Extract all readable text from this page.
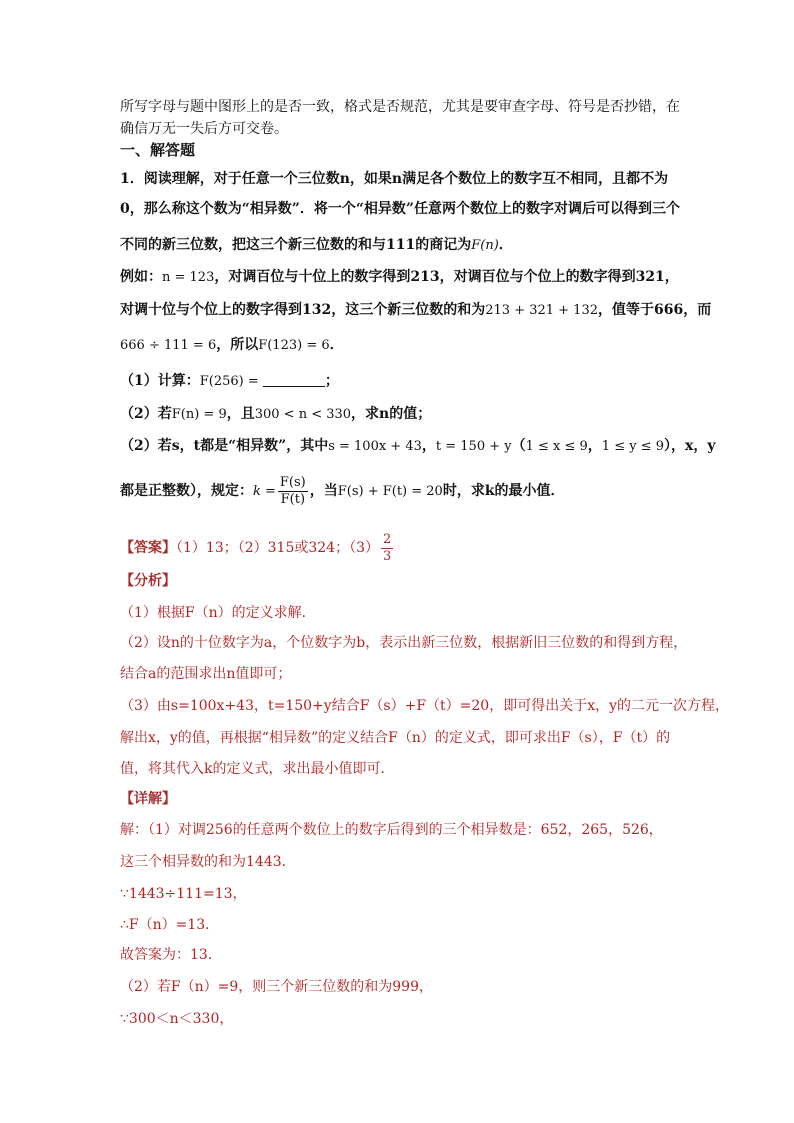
所写字母与题中图形上的是否一致，格式是否规范，尤其是要审查字母、符号是否抄错，在
确信万无一失后方可交卷。
一、解答题
1．阅读理解，对于任意一个三位数n，如果n满足各个数位上的数字互不相同，且都不为
0，那么称这个数为“相异数”．将一个“相异数”任意两个数位上的数字对调后可以得到三个
不同的新三位数，把这三个新三位数的和与111的商记为F(n)．
例如：n = 123，对调百位与十位上的数字得到213，对调百位与个位上的数字得到321，
对调十位与个位上的数字得到132，这三个新三位数的和为213 + 321 + 132，值等于666，而
666 ÷ 111 = 6，所以F(123) = 6．
（1）计算：F(256) =	；
（2）若F(n) = 9，且300 < n < 330，求n的值；
（2）若s，t都是“相异数”，其中s = 100x + 43，t = 150 + y（1 ≤ x ≤ 9，1 ≤ y ≤ 9），x，y
都是正整数），规定：$k = \frac{F(s)}{F(t)}$ ，当F(s) + F(t) = 20时，求k的最小值．
【答案】（1）13；（2）315或324；$(3) \frac{2}{3}$
【分析】
（1）根据F（n）的定义求解．
（2）设n的十位数字为a，个位数字为b，表示出新三位数，根据新旧三位数的和得到方程，
结合a的范围求出n值即可；
（3）由s=100x+43，t=150+y结合F（s）+F（t）=20，即可得出关于x，y的二元一次方程，
解出x，y的值，再根据“相异数”的定义结合F（n）的定义式，即可求出F（s），F（t）的
值，将其代入k的定义式，求出最小值即可．
【详解】
解：（1）对调256的任意两个数位上的数字后得到的三个相异数是：652，265，526，
这三个相异数的和为1443．
∵1443÷111=13，
∴F（n）=13．
故答案为：13．
（2）若F（n）=9，则三个新三位数的和为999，
∵300＜n＜330，
